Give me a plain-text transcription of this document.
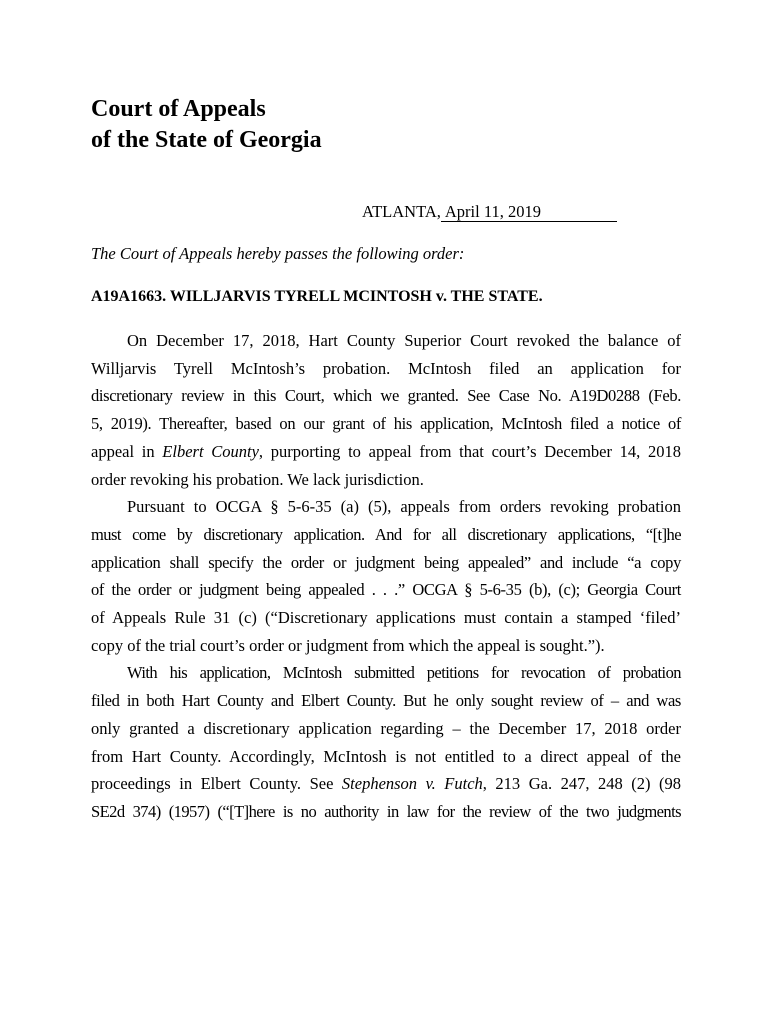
Court of Appeals
of the State of Georgia
ATLANTA, April 11, 2019
The Court of Appeals hereby passes the following order:
A19A1663. WILLJARVIS TYRELL MCINTOSH v. THE STATE.
On December 17, 2018, Hart County Superior Court revoked the balance of
Willjarvis Tyrell McIntosh’s probation. McIntosh filed an application for
discretionary review in this Court, which we granted. See Case No. A19D0288 (Feb.
5, 2019). Thereafter, based on our grant of his application, McIntosh filed a notice of
appeal in Elbert County, purporting to appeal from that court’s December 14, 2018
order revoking his probation. We lack jurisdiction.
Pursuant to OCGA § 5-6-35 (a) (5), appeals from orders revoking probation
must come by discretionary application. And for all discretionary applications, “[t]he
application shall specify the order or judgment being appealed” and include “a copy
of the order or judgment being appealed . . .” OCGA § 5-6-35 (b), (c); Georgia Court
of Appeals Rule 31 (c) (“Discretionary applications must contain a stamped ‘filed’
copy of the trial court’s order or judgment from which the appeal is sought.”).
With his application, McIntosh submitted petitions for revocation of probation
filed in both Hart County and Elbert County. But he only sought review of – and was
only granted a discretionary application regarding – the December 17, 2018 order
from Hart County. Accordingly, McIntosh is not entitled to a direct appeal of the
proceedings in Elbert County. See Stephenson v. Futch, 213 Ga. 247, 248 (2) (98
SE2d 374) (1957) (“[T]here is no authority in law for the review of the two judgments
